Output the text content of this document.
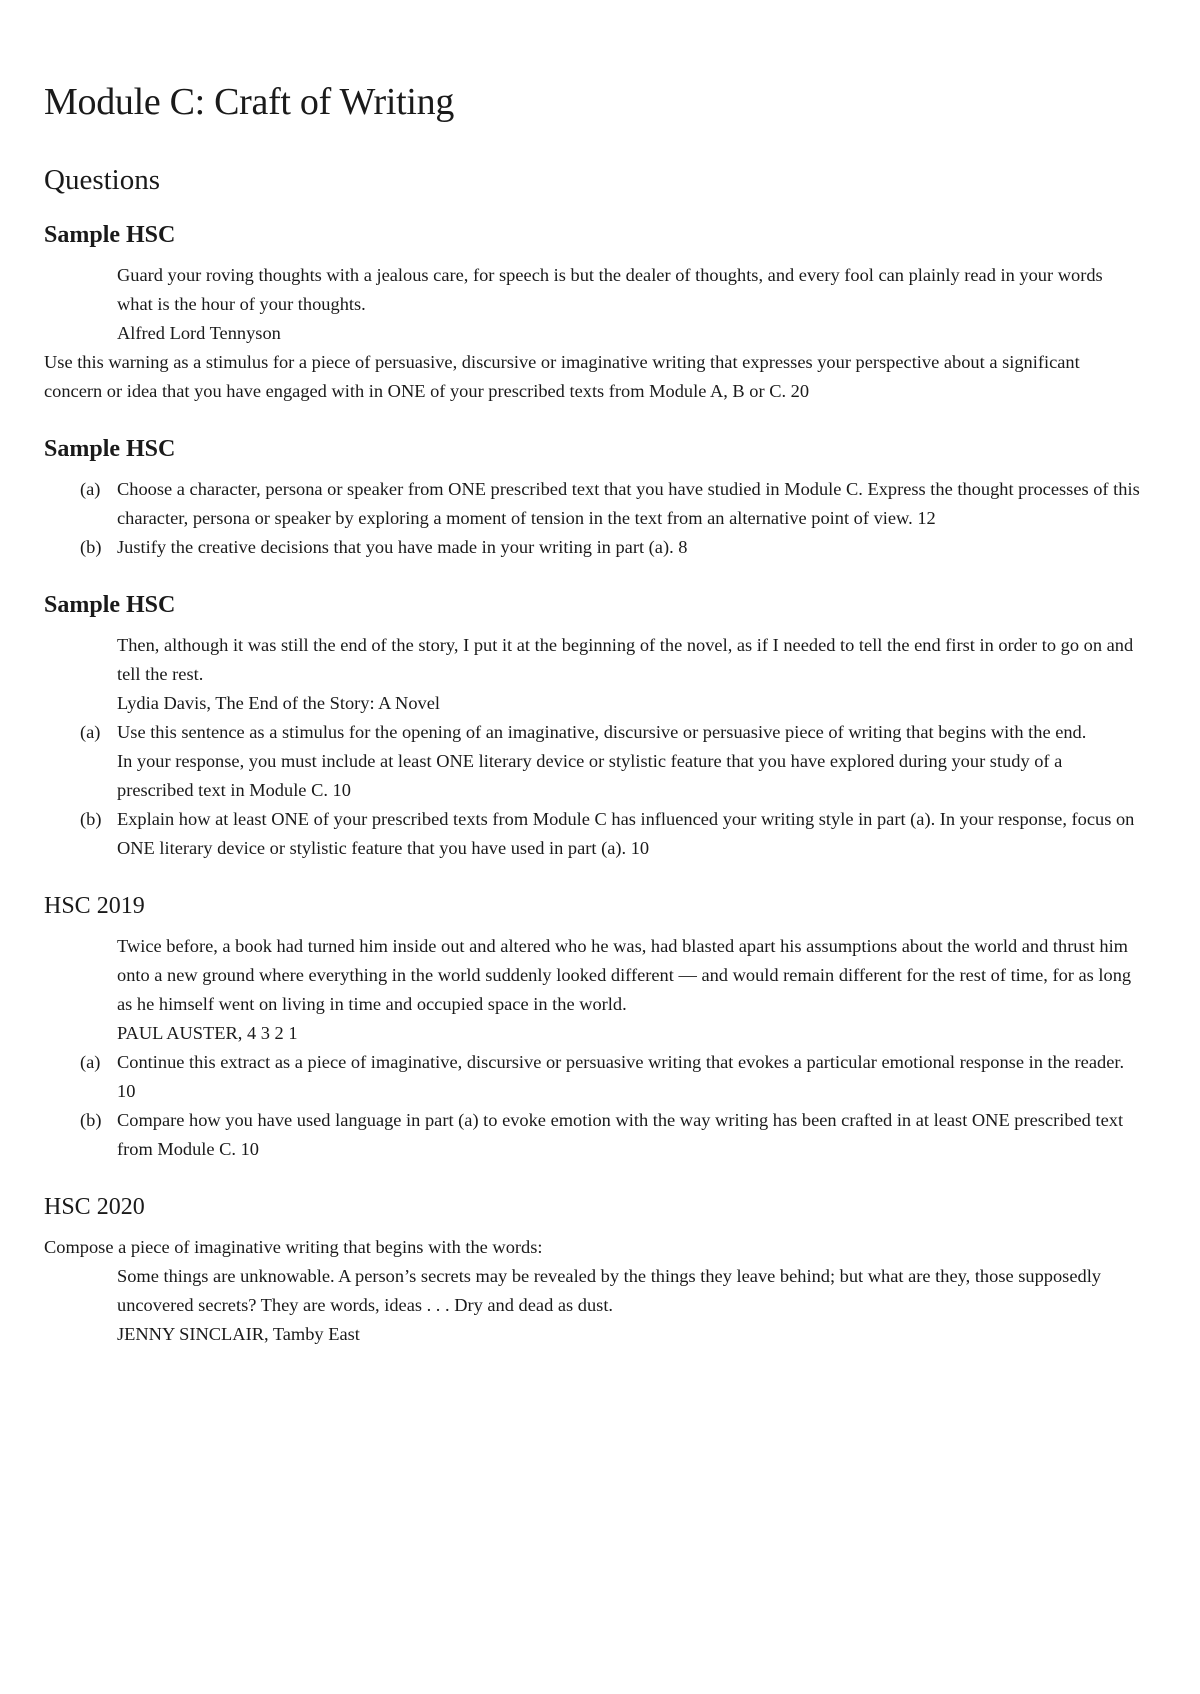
Module C: Craft of Writing
Questions
Sample HSC

Guard your roving thoughts with a jealous care, for speech is but the dealer of thoughts, and every fool can plainly read in your words what is the hour of your thoughts.

Alfred Lord Tennyson

Use this warning as a stimulus for a piece of persuasive, discursive or imaginative writing that expresses your perspective about a significant concern or idea that you have engaged with in ONE of your prescribed texts from Module A, B or C. 20

Sample HSC
(a) Choose a character, persona or speaker from ONE prescribed text that you have studied in Module C. Express the thought processes of this character, persona or speaker by exploring a moment of tension in the text from an alternative point of view. 12

(b) Justify the creative decisions that you have made in your writing in part (a). 8

Sample HSC

Then, although it was still the end of the story, I put it at the beginning of the novel, as if I needed to tell the end first in order to go on and tell the rest.

Lydia Davis, The End of the Story: A Novel

(a) Use this sentence as a stimulus for the opening of an imaginative, discursive or persuasive piece of writing that begins with the end.

In your response, you must include at least ONE literary device or stylistic feature that you have explored during your study of a prescribed text in Module C. 10

(b) Explain how at least ONE of your prescribed texts from Module C has influenced your writing style in part (a). In your response, focus on ONE literary device or stylistic feature that you have used in part (a). 10

HSC 2019

Twice before, a book had turned him inside out and altered who he was, had blasted apart his assumptions about the world and thrust him onto a new ground where everything in the world suddenly looked different — and would remain different for the rest of time, for as long as he himself went on living in time and occupied space in the world.

PAUL AUSTER, 4 3 2 1

(a) Continue this extract as a piece of imaginative, discursive or persuasive writing that evokes a particular emotional response in the reader. 10

(b) Compare how you have used language in part (a) to evoke emotion with the way writing has been crafted in at least ONE prescribed text from Module C. 10

HSC 2020

Compose a piece of imaginative writing that begins with the words:

Some things are unknowable. A person’s secrets may be revealed by the things they leave behind; but what are they, those supposedly uncovered secrets? They are words, ideas . . . Dry and dead as dust.

JENNY SINCLAIR, Tamby East
